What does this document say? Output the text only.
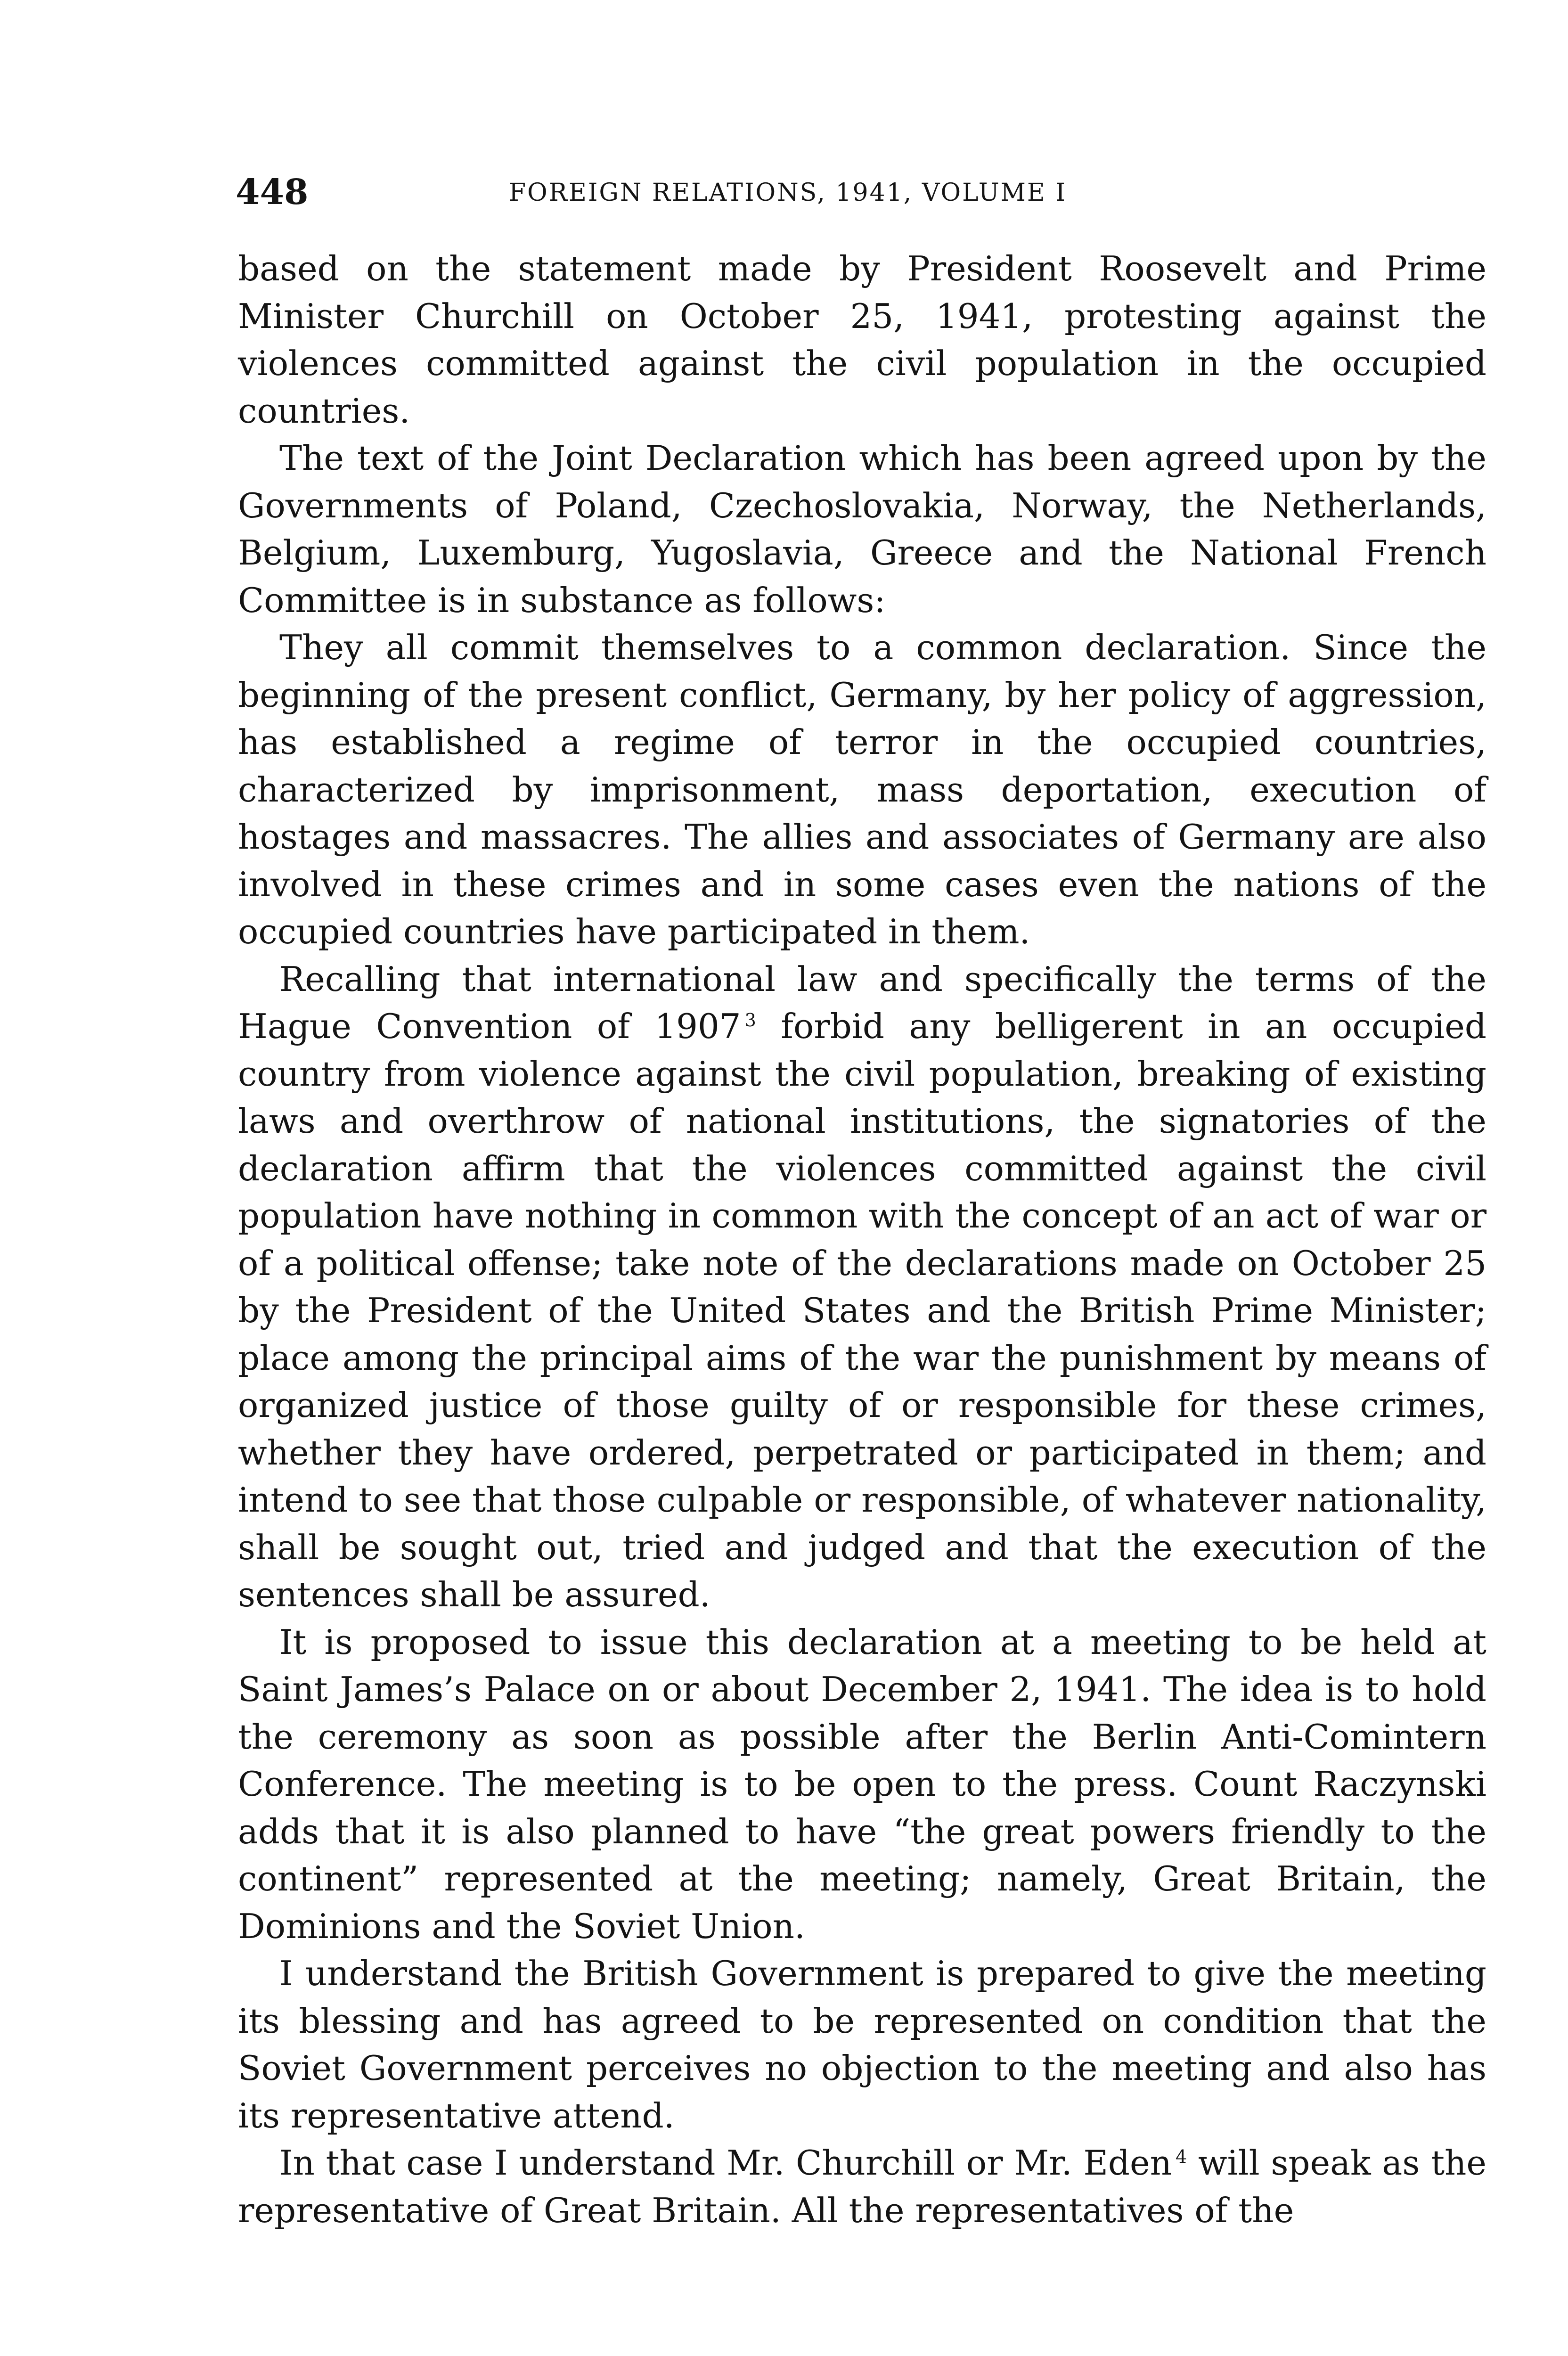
448	FOREIGN RELATIONS, 1941, VOLUME I

based on the statement made by President Roosevelt and Prime Minister Churchill on October 25, 1941, protesting against the violences committed against the civil population in the occupied countries.

The text of the Joint Declaration which has been agreed upon by the Governments of Poland, Czechoslovakia, Norway, the Netherlands, Belgium, Luxemburg, Yugoslavia, Greece and the National French Committee is in substance as follows:

They all commit themselves to a common declaration. Since the beginning of the present conflict, Germany, by her policy of aggression, has established a regime of terror in the occupied countries, characterized by imprisonment, mass deportation, execution of hostages and massacres. The allies and associates of Germany are also involved in these crimes and in some cases even the nations of the occupied countries have participated in them.

Recalling that international law and specifically the terms of the Hague Convention of 1907 $^3$ forbid any belligerent in an occupied country from violence against the civil population, breaking of existing laws and overthrow of national institutions, the signatories of the declaration affirm that the violences committed against the civil population have nothing in common with the concept of an act of war or of a political offense; take note of the declarations made on October 25 by the President of the United States and the British Prime Minister; place among the principal aims of the war the punishment by means of organized justice of those guilty of or responsible for these crimes, whether they have ordered, perpetrated or participated in them; and intend to see that those culpable or responsible, of whatever nationality, shall be sought out, tried and judged and that the execution of the sentences shall be assured.

It is proposed to issue this declaration at a meeting to be held at Saint James’s Palace on or about December 2, 1941. The idea is to hold the ceremony as soon as possible after the Berlin Anti-Comintern Conference. The meeting is to be open to the press. Count Raczynski adds that it is also planned to have “the great powers friendly to the continent” represented at the meeting; namely, Great Britain, the Dominions and the Soviet Union.

I understand the British Government is prepared to give the meeting its blessing and has agreed to be represented on condition that the Soviet Government perceives no objection to the meeting and also has its representative attend.

In that case I understand Mr. Churchill or Mr. Eden $^4$ will speak as the representative of Great Britain. All the representatives of the
